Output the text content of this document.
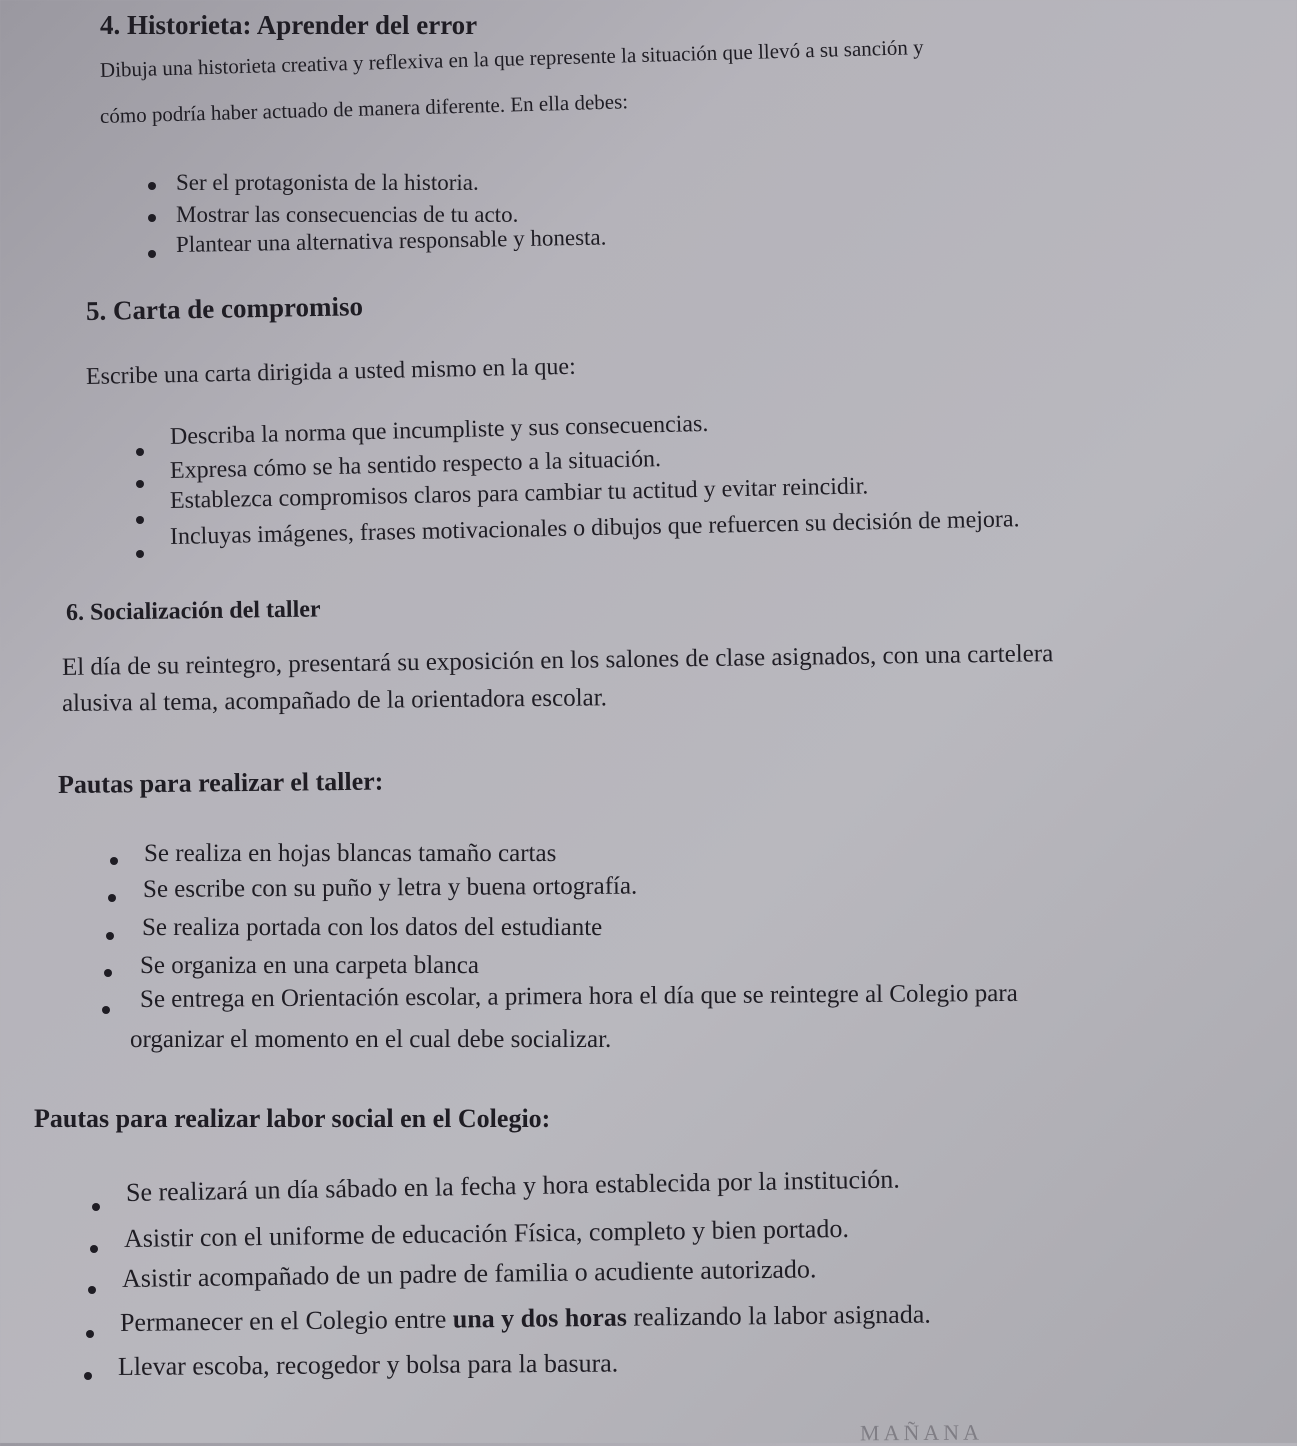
4. Historieta: Aprender del error
Dibuja una historieta creativa y reflexiva en la que represente la situación que llevó a su sanción y
cómo podría haber actuado de manera diferente. En ella debes:
Ser el protagonista de la historia.
Mostrar las consecuencias de tu acto.
Plantear una alternativa responsable y honesta.
5. Carta de compromiso
Escribe una carta dirigida a usted mismo en la que:
Describa la norma que incumpliste y sus consecuencias.
Expresa cómo se ha sentido respecto a la situación.
Establezca compromisos claros para cambiar tu actitud y evitar reincidir.
Incluyas imágenes, frases motivacionales o dibujos que refuercen su decisión de mejora.
6. Socialización del taller
El día de su reintegro, presentará su exposición en los salones de clase asignados, con una cartelera
alusiva al tema, acompañado de la orientadora escolar.
Pautas para realizar el taller:
Se realiza en hojas blancas tamaño cartas
Se escribe con su puño y letra y buena ortografía.
Se realiza portada con los datos del estudiante
Se organiza en una carpeta blanca
Se entrega en Orientación escolar, a primera hora el día que se reintegre al Colegio para
organizar el momento en el cual debe socializar.
Pautas para realizar labor social en el Colegio:
Se realizará un día sábado en la fecha y hora establecida por la institución.
Asistir con el uniforme de educación Física, completo y bien portado.
Asistir acompañado de un padre de familia o acudiente autorizado.
Permanecer en el Colegio entre una y dos horas realizando la labor asignada.
Llevar escoba, recogedor y bolsa para la basura.
MAÑANA
